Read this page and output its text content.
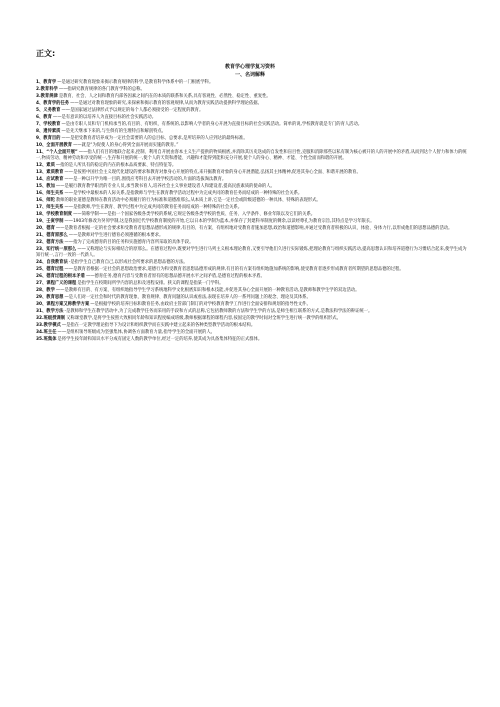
正文:
教育学心理学复习资料
一、名词解释
1、教育学—是通过研究教育现象来揭示教育规律的科学,是教育科学体系中的一门根底学科。
2.教育科学——指研究教育规律的各门教育学科的总称。
3.教育规律是教育、社会、人之间和教育内部各因素之间内在的本质的联系和关系,具有客观性、必然性、稳定性、重复性。
4、教育学的任务——是通过对教育现象的研究,来探索和揭示教育的客观规律,从而为教育实践活动提供科学理论依据。
5、义务教育——是国家通过法律形式予以规定的每个人都必须接受的一定程度的教育。
6、教育——是有意识的以培养人为直接目标的社会实践活动。
7、学校教育—是由专职人员和专门机构承当的,有目的、有组织、有系统的,以影响人学者的身心开展为直接目标的社会实践活动。简单的说,学校教育就是专门的育人活动。
8、遗传素质—是先天继承下来的,与生俱有的生理特点和解剖特点。
9、教育目的——是把受教育者培养成为一定社会需要的人的总目标、总要求,是所培养的人应到达的最终标准。
10、全面开展教育——就是“为促使人的身心得到全面开展而实施的教育。”
11、“个人全面开展”——指人们有目的地联合起来,控制、利用自开展由客本主义生产提供的物质根底,并消除其历史迭成的自发性和盲目性,克服和消除那些以私有制为核心被开的人的开展中的矛盾,从而到达个人智力和体力的统一,物质劳动、精神劳动和享受的统一,生存和开展的统一,使个人的天资和潜能、兴趣和才能得到能和充分开展,使个人的身心、精神、才能、个性全面而和谐的开展。
12、素质—指的是人所具有的稳定的内在的根本品质要素、特点特征等。
13、素质教育——是按照中国社会主义现代化建设的要求和教育对象身心开展的特点,来开掘教育对象的身心开展潜能,弘扬其主体精神,促进其身心全面、和谐开展的教育。
14、应试教育——是一种以升学为唯一目的,围绕应考科目去开展学校活动的,片面的选拔淘汰教育。
15、教加——是履行教育教学职责的专业人员,承当教书育人,培养社会主义事业建设者人和建设者,提高民族素质的使命的人。
16、师生关系——是学校中最根本的人际关系,是指教师与学生在教育教学活动过程中为完成共同的教育任务而结成的一种特殊的社会关系。
16、师陀教师的职业道德是教师在教育活动中必须履行的行为标准和道德准那么,从本质上讲,它是一定社会或阶级道德的一种具体、特殊的表现形式。
17、师生关系——是指教师,学生在教育、教学过程中为完成共同的教育任务而结成的一种特殊的社会关系。
18、学校教育制度——简称学制——是指一个国家各级各类学校的系统,它规定各级各类学校的性质、任务、入学条件、修业年限以及它们的关系。
19、壬寅学制——1903年修改为癸卯学制,这是我国近代学校教育制度的开始,它以日本的学制为蓝本,并保存了封建科举制度的剩余,以读经尊孔为教育宗旨,其特点是学习年限长。
20、德育——是教育者根据一定的社会要求和受教育者思想品德形成的规律,有目的、有方案、有组织地对受教育者施加思想,政治和道德影响,并通过受教育者积极的认识、体验、身体力行,以形成他们的思想品德的活动。
21、德育原那么——是教师对学生进行德育必须遵循的根本要求。
22、德育方法——指为了完成德育的目的任务和实施德育内容所采取的具体手段。
23、知行统一原那么——又称理论与实际相结合的原那么。在德育过程中,既要对学生进行马列主义根本理论教育,又要引导他们久进行实际锻炼,把理论教育与组织实践活动,提高思想认识和培养道德行为习惯结合起来,使学生成为知行统一,言行一致的一代新人。
24、自我教育法-是指学生自己教育自己,以形成社会所要求的思想品德的方法。
25、德育过程——是教育者根据一定社会的思想政治要求,道德行为和受教育者思想品德形成的规律,有目的有方案有组织地施加系统的影响,使受教育者逐步形成教育者所期望的思想品德的过程。
26、德育过程的根本矛盾——德育任务,德育内容与受教育者原有的思想品德开展水平之间矛盾,是德育过程的根本矛盾。
27、课程广义的课程是指学生在校期间所学内容的总和及进程安排。狭义的课程是指某一门学科。
28、教学——是教师有目的、有方案、有组织地指导学生学习系统地科学文化根底知识和根本技能,并促进其身心全面开展的一种教育活动,是教师和教学生学的双边活动。
29、教育思想—是人们对一定社会和时代的教育现象、教育规律、教育问题的认识或看法,表现在培养人的一系列问题上的观念、理论及其体系。
30、课程方案又称教学方案—是根据学校的培养目标和教育任务,由政府主管部门制订的对学校教育教学工作进行全面安排和规划的指导性文件。
31、教学方法-是教师和学生在教学活动中,为了完成教学任务而采用的手段和方式的总称,它包括教师教的方法和学生学的方法,是师生相互联系的方式,是教法和学法的辩证统一。
32.班级授课制又称课堂教学,是将学生按照大致相同年龄和知识程度编成班级,教师根据课程的课程内容,按固定的教学时间对全班学生进行统一教学的组织形式。
33.教学模式—是指在一定教学理论指导下为设计和组织教学而在实践中建立起来的各种类型教学活动的根本结构。
34.班主任——是组织领导班级成为坚强集体,协调各方面教育力量,指导学生的全面开展的人。
35.班集体是将学生按年龄和知识水平分成有固定人数的教学单位,经过一定的培养,使其成为具备集体特征的正式群体。
